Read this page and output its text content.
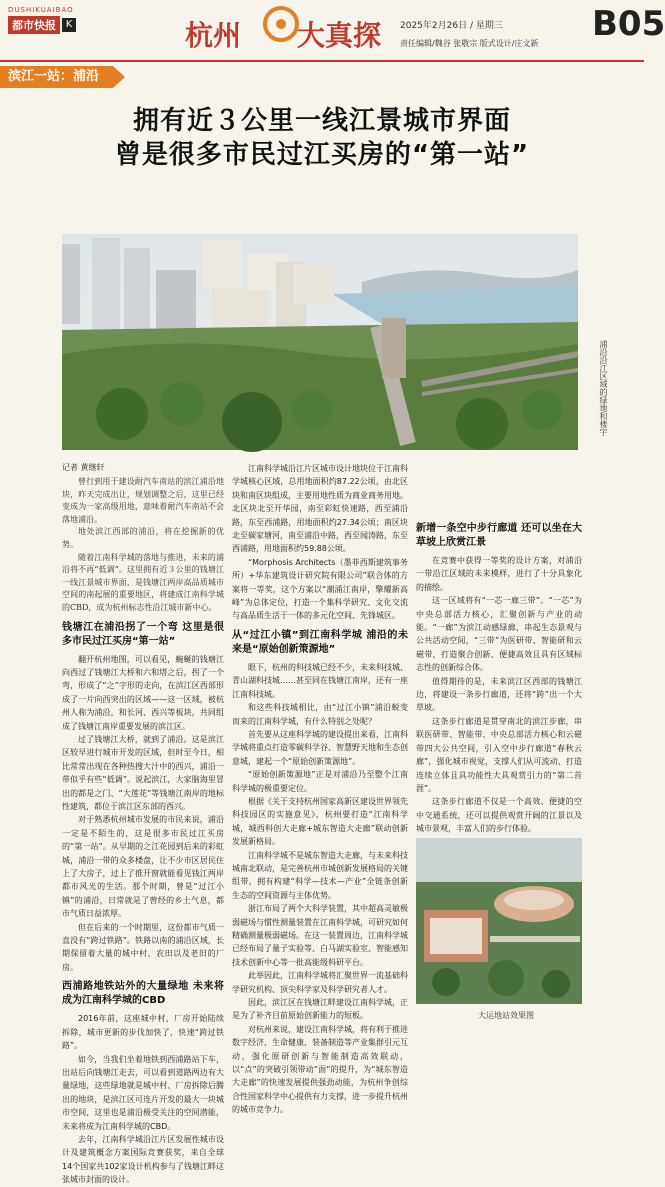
DUSHIKUAIBAO
都市快报 K	杭州 大真探 2025年2月26日 / 星期三
责任编辑/魏谷 张敬宗 版式设计/庄文新 B05
滨江一站：浦沿
拥有近３公里一线江景城市界面
曾是很多市民过江买房的“第一站”
浦沿沿江区域的绿地和楼宇
记者 黄继轩

曾行到用于建设耐汽车南站的滨江浦沿地块，昨天完成出让，规划调整之后，这里已经变成为一家高级用地，意味着耐汽车南站不会落地浦沿。

地处滨江西部的浦沿，将在挖掘新的优势。

随着江南科学城的落地与推进，未来的浦沿将不再“低调”。这里拥有近３公里的钱塘江一线江景城市界面，是钱塘江两岸高品质城市空间的南起展的重要地区，将建成江南科学城的CBD，成为杭州标志性沿江城市新中心。

钱塘江在浦沿拐了一个弯 这里是很多市民过江买房“第一站”

翻开杭州地图，可以看见，蜿蜒的钱塘江向西过了钱塘江大桥和六和塔之后，拐了一个弯，形成了“之”字形的走向，在滨江区西部形成了一片向西突出的区域——这一区域，被杭州人称为浦沿，和长河、西兴等板块，共同组成了钱塘江南岸重要发展的滨江区。

过了钱塘江大桥，就到了浦沿。这是滨江区较早进行城市开发的区域，但时至今日，相比常常出现在各种热搜大汁中的西兴，浦沿一带似乎有些“低调”。说起滨江，大家脑海里冒出的都是之门、“大莲花”等钱塘江南岸的地标性建筑，都位于滨江区东部的西兴。

对于熟悉杭州城市发展的市民来说，浦沿一定是不陌生的，这是很多市民过江买房的“第一站”。从早期的之江花园到后来的彩虹城，浦沿一带的众多楼盘，让不少市区居民住上了大房子，过上了推开窗就能看见钱江两岸都市风光的生活。那个时期，曾是“过江小镇”的浦沿，日常就是了曾经的乡土气息，都市气质日益浓厚。

但在后来的一个时期里，这份都市气质一直没有“跨过铁路”。铁路以南的浦沿区域，长期保留着大量的城中村、农田以及老旧的厂房。

西浦路地铁站外的大量绿地 未来将成为江南科学城的CBD

2016年前，这座城中村，厂房开始陆续拆除，城市更新的步伐加快了，快速“跨过铁路”。

如今，当我们坐着地铁到西浦路站下车，出站后向钱塘江走去，可以看到道路两边有大量绿地，这些绿地就是城中村、厂房拆除后腾出的地块，是滨江区可连片开发的最大一块城市空间，这里也是浦沿极受关注的空间潜能，未来将成为江南科学城的CBD。

去年，江南科学城沿江片区发展性城市设计及建筑概念方案国际竞赛获奖，来自全球14个国家共102家设计机构参与了钱塘江畔这张城市封面的设计。

江南科学城沿江片区城市设计地块位于江南科学城核心区域，总用地面积约87.22公顷，由北区块和南区块组成，主要用地性质为商业商务用地。北区块北至开华园，南至彩虹快速路，西至浦沿路，东至西浦路，用地面积约27.34公顷；南区块北至碳家塘河，南至浦沿中路，西至闻涛路，东至西浦路，用地面积约59.88公顷。

“Morphosis Architects（墨菲西斯建筑事务所）+华东建筑设计研究院有限公司”联合体的方案将一等奖，这个方案以“潮涌江南岸，擎耀新高峰”为总体定位，打造一个集科学研究、文化交流与高品质生活于一体的多元化空间、先锋城区。

从“过江小镇”到江南科学城 浦沿的未来是“原始创新策源地”

眼下，杭州的科技城已经不少，未来科技城、青山湖科技城……甚至同在钱塘江南岸，还有一座江南科技城。

和这些科技城相比，由“过江小镇”浦沿蜕变而来的江南科学城，有什么特别之处呢？

首先要从这座科学城的建设提出来看，江南科学城将重点打造零碳科学谷、智慧野天地和生态创意城，建起一个“原始创新策源地”。

“原始创新策源地”正是对浦沿乃至整个江南科学城的极重要定位。

根据《关于支持杭州国家高新区建设世界领先科技园区的实施意见》，杭州要打造“江南科学城，城西科创大走廊+城东智造大走廊”联动创新发展新格局。

江南科学城不是城东智造大走廊，与未来科技城南北联动，是完善杭州市城创新发展格局的关键组带，拥有构建“科学—技术—产业”全链条创新生态的空间资源与主体优势。

浙江布局了两个大科学装置，其中超高灵敏极弱磁场与惯性测量装置在江南科学城，可研究如何精确测量极弱磁场。在这一装置周边，江南科学城已经布局了量子实验等、白马湖实验室、智能感知技术创新中心等一批高能级科研平台。

此举因此，江南科学城将汇聚世界一流基础科学研究机构、顶尖科学家及科学研究者人才。

因此，滨江区在钱塘江畔建设江南科学城，正是为了补齐目前原始创新能力的短板。

对杭州来说，建设江南科学城，将有利于推进数字经济、生命健康、装备制造等产业集群引元互动，强化原研创新与智能制造高效联动，以“点”的突破引领带动“面”的提升，为“城东智造大走廊”的快速发展提供强劲动能，为杭州争创综合性国家科学中心提供有力支撑，进一步提升杭州的城市竞争力。

新增一条空中步行廊道 还可以坐在大草坡上欣赏江景

在竞赛中获得一等奖的设计方案，对浦沿一带沿江区域的未来模样，进行了十分具象化的描绘。

这一区域将有“一芯一廊三带”。“一芯”为中央总部活力核心，汇聚创新与产业的动能。“一廊”为滨江动感绿廊，串起生态景观与公共活动空间，“三带”为医研带、智能研和云磁带，打造聚合创新、便捷高效且具有区域标志性的创新综合体。

值得期待的是，未来滨江区西部的钱塘江边，将建设一条步行廊道，还将“跨”出一个大草坡。

这条步行廊道是贯穿南北的滨江步廊，串联医研带、智能带、中央总部活力核心和云磁带四大公共空间，引入空中步行廊道“春秋云廊”，强化城市视觉，支撑人们从可流动、打造连续立体且具功能性大具观赏引力的“第二首涯”。

这条步行廊道不仅是一个高效、便捷的空中交通系统，还可以提供观赏开阔的江景以及城市景观，丰富人们的步行体验。

大运地站效果图
